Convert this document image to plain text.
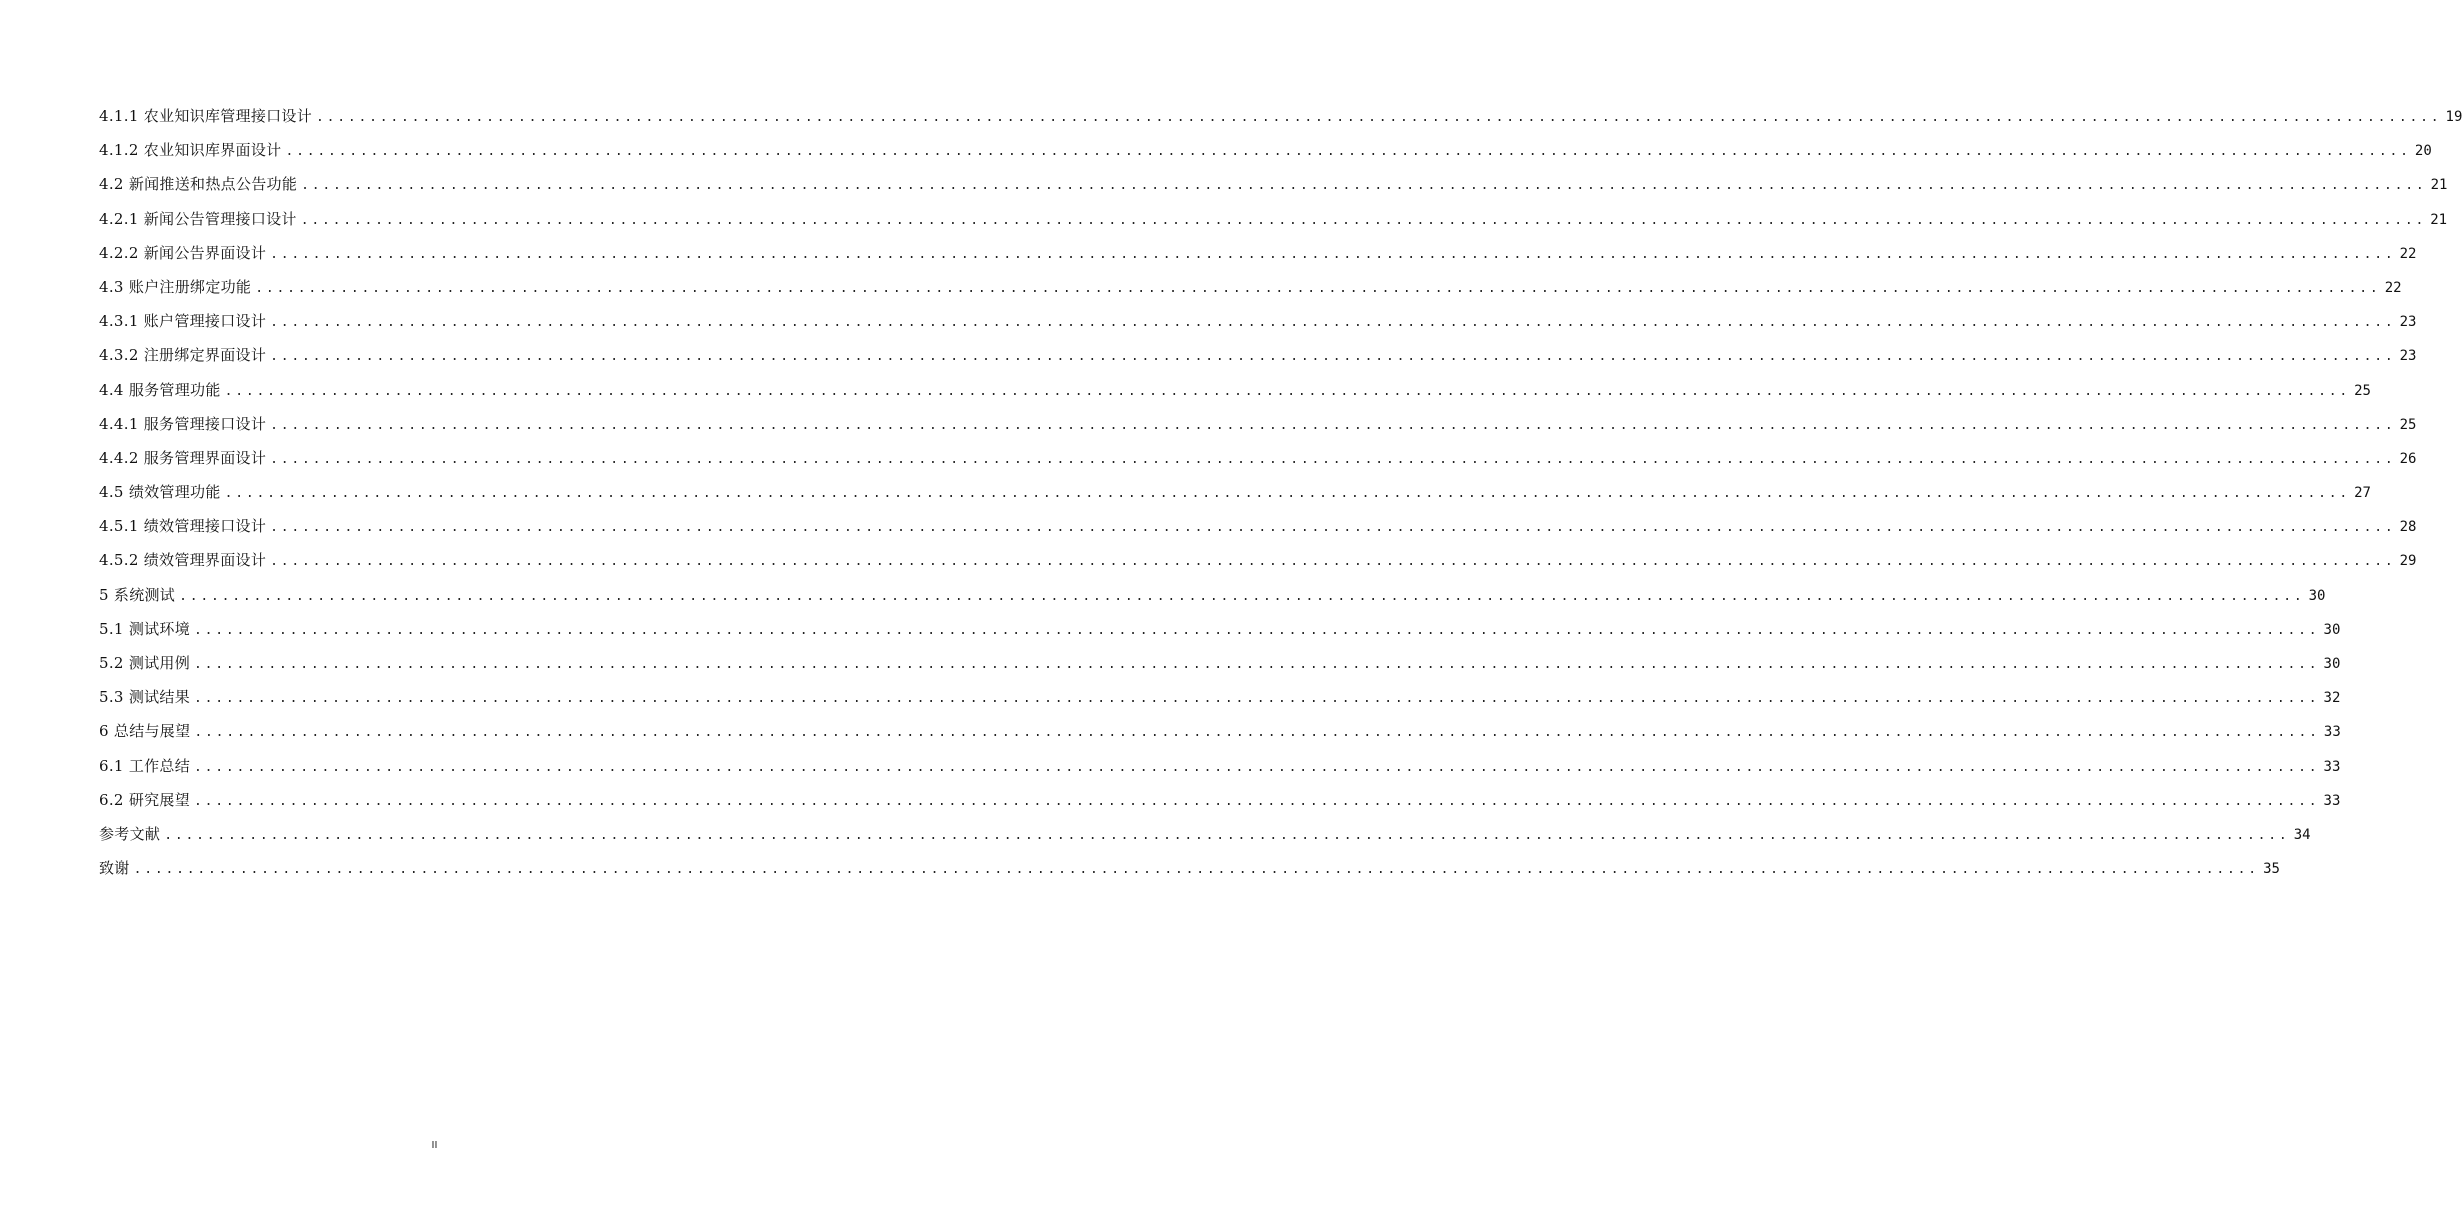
4.1.1 农业知识库管理接口设计 ........................................................................................................................................................................................................ 19
4.1.2 农业知识库界面设计 ........................................................................................................................................................................................................ 20
4.2 新闻推送和热点公告功能 ........................................................................................................................................................................................................ 21
4.2.1 新闻公告管理接口设计 ........................................................................................................................................................................................................ 21
4.2.2 新闻公告界面设计 ........................................................................................................................................................................................................ 22
4.3 账户注册绑定功能 ........................................................................................................................................................................................................ 22
4.3.1 账户管理接口设计 ........................................................................................................................................................................................................ 23
4.3.2 注册绑定界面设计 ........................................................................................................................................................................................................ 23
4.4 服务管理功能 ........................................................................................................................................................................................................ 25
4.4.1 服务管理接口设计 ........................................................................................................................................................................................................ 25
4.4.2 服务管理界面设计 ........................................................................................................................................................................................................ 26
4.5 绩效管理功能 ........................................................................................................................................................................................................ 27
4.5.1 绩效管理接口设计 ........................................................................................................................................................................................................ 28
4.5.2 绩效管理界面设计 ........................................................................................................................................................................................................ 29
5 系统测试 ........................................................................................................................................................................................................ 30
5.1 测试环境 ........................................................................................................................................................................................................ 30
5.2 测试用例 ........................................................................................................................................................................................................ 30
5.3 测试结果 ........................................................................................................................................................................................................ 32
6 总结与展望 ........................................................................................................................................................................................................ 33
6.1 工作总结 ........................................................................................................................................................................................................ 33
6.2 研究展望 ........................................................................................................................................................................................................ 33
参考文献 ........................................................................................................................................................................................................ 34
致谢 ........................................................................................................................................................................................................ 35
II
